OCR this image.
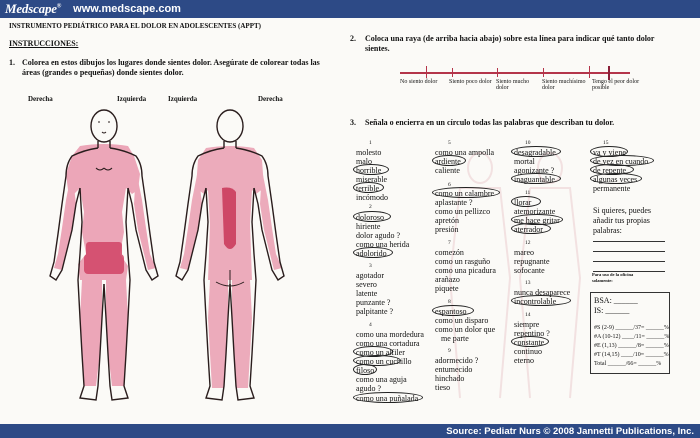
Medscape® www.medscape.com
INSTRUMENTO PEDIÁTRICO PARA EL DOLOR EN ADOLESCENTES (APPT)
INSTRUCCIONES:
1. Colorea en estos dibujos los lugares donde sientes dolor. Asegúrate de colorear todas las
áreas (grandes o pequeñas) donde sientes dolor.
Derecha	Izquierda	Izquierda	Derecha
2. Coloca una raya (de arriba hacia abajo) sobre esta línea para indicar qué tanto dolor
sientes.
No siento dolor	Siento poco dolor Siento mucho dolor
Siento muchísimo dolor
Tengo el peor dolor posible
3. Señala o encierra en un círculo todas las palabras que describan tu dolor.
1
molesto
malo
horrible
miserable
terrible
incómodo
2
doloroso
hiriente
dolor agudo ?
como una herida
adolorido
3
agotador
severo
latente
punzante ?
palpitante ?
4
como una mordedura
como una cortadura
como un alfiler
como un cuchillo
filoso
como una aguja
agudo ?
como una puñalada
5
como una ampolla
ardiente
caliente
6
como un calambre
aplastante ?
como un pellizco
apretón
presión
7
comezón
como un rasguño
como una picadura
arañazo
piquete
8
espantoso
como un disparo
como un dolor que
me parte
9
adormecido ?
entumecido
hinchado
tieso
10
desagradable
mortal
agonizante ?
inaguantable
11
llorar
atemorizante
me hace gritar
aterrador
12
mareo
repugnante
sofocante
13
nunca desaparece
incontrolable
14
siempre
repentino ?
constante
continuo
eterno
15
va y viene
de vez en cuando
de repente
algunas veces
permanente
Si quieres, puedes
añadir tus propias
palabras:
Para uso de la oficina
solamente:
BSA: ______
IS: ______
#S (2-9) ______/37= ______%
#A (10-12) ____/11= ______%
#E (1,13) ______/8= ______%
#T (14,15) ____/10= ______%
Total ______/66= ______%
Source: Pediatr Nurs © 2008 Jannetti Publications, Inc.
